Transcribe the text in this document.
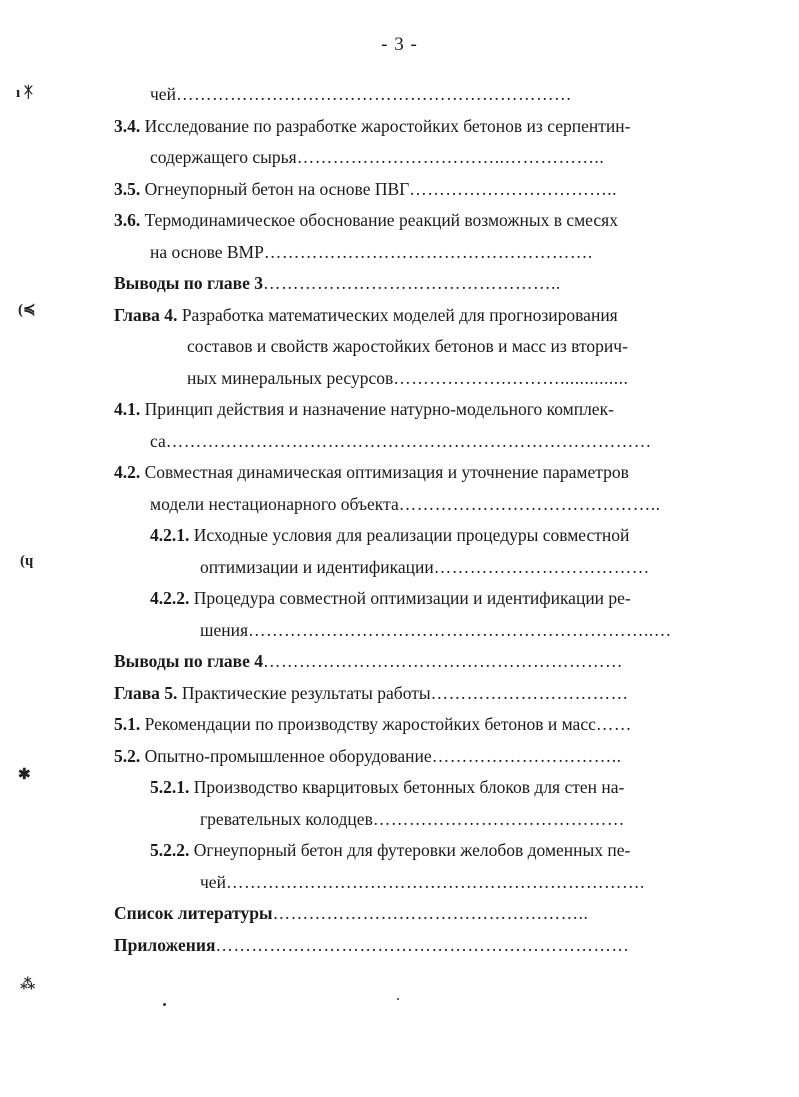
- 3 -
чей…………………………………………………………
3.4. Исследование по разработке жаростойких бетонов из серпентин-
содержащего сырья……………………………..……………..
3.5. Огнеупорный бетон на основе ПВГ……………………………..
3.6. Термодинамическое обоснование реакций возможных в смесях
на основе ВМР……………………………………………….
Выводы по главе 3…………………………………………..
Глава 4. Разработка математических моделей для прогнозирования
составов и свойств жаростойких бетонов и масс из вторич-
ных минеральных ресурсов……………….………..............
4.1. Принцип действия и назначение натурно-модельного комплек-
са………………………………………………………………………
4.2. Совместная динамическая оптимизация и уточнение параметров
модели нестационарного объекта……………………………………..
4.2.1. Исходные условия для реализации процедуры совместной
оптимизации и идентификации………………………………
4.2.2. Процедура совместной оптимизации и идентификации ре-
шения…………………………………………………………..…
Выводы по главе 4……………………………………………………
Глава 5. Практические результаты работы……………………………
5.1. Рекомендации по производству жаростойких бетонов и масс……
5.2. Опытно-промышленное оборудование…………………………..
5.2.1. Производство кварцитовых бетонных блоков для стен на-
гревательных колодцев……………………………………
5.2.2. Огнеупорный бетон для футеровки желобов доменных пе-
чей…………………………………………………………….
Список литературы……………………………………………..
Приложения……………………………………………………………
ı ᛡ
(≼
(ɥ
✱
⁂
